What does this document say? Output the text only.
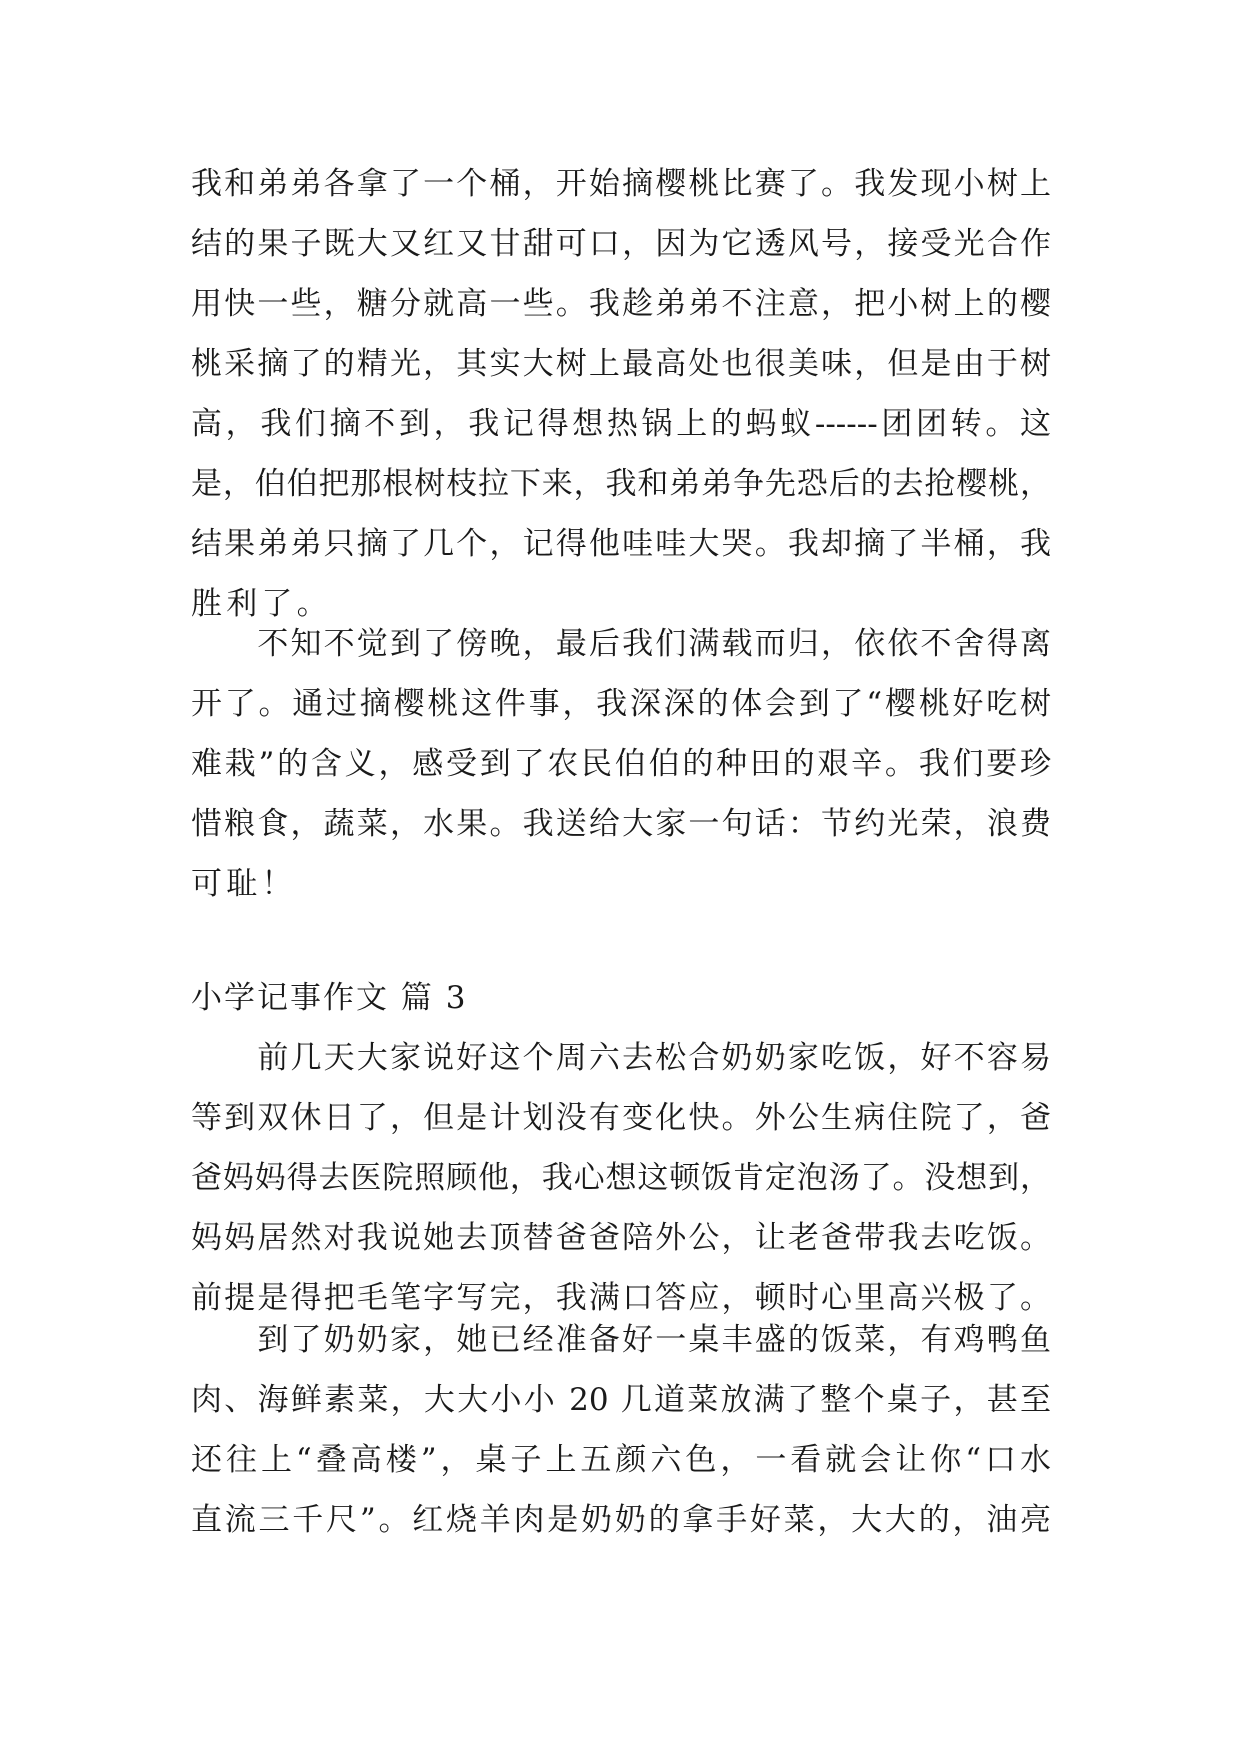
我和弟弟各拿了一个桶，开始摘樱桃比赛了。我发现小树上
结的果子既大又红又甘甜可口，因为它透风号，接受光合作
用快一些，糖分就高一些。我趁弟弟不注意，把小树上的樱
桃采摘了的精光，其实大树上最高处也很美味，但是由于树
高，我们摘不到，我记得想热锅上的蚂蚁------团团转。这
是，伯伯把那根树枝拉下来，我和弟弟争先恐后的去抢樱桃，
结果弟弟只摘了几个，记得他哇哇大哭。我却摘了半桶，我
胜利了。
　　不知不觉到了傍晚，最后我们满载而归，依依不舍得离
开了。通过摘樱桃这件事，我深深的体会到了“樱桃好吃树
难栽”的含义，感受到了农民伯伯的种田的艰辛。我们要珍
惜粮食，蔬菜，水果。我送给大家一句话：节约光荣，浪费
可耻！
小学记事作文 篇 3
　　前几天大家说好这个周六去松合奶奶家吃饭，好不容易
等到双休日了，但是计划没有变化快。外公生病住院了，爸
爸妈妈得去医院照顾他，我心想这顿饭肯定泡汤了。没想到，
妈妈居然对我说她去顶替爸爸陪外公，让老爸带我去吃饭。
前提是得把毛笔字写完，我满口答应，顿时心里高兴极了。
　　到了奶奶家，她已经准备好一桌丰盛的饭菜，有鸡鸭鱼
肉、海鲜素菜，大大小小 20 几道菜放满了整个桌子，甚至
还往上“叠高楼”，桌子上五颜六色，一看就会让你“口水
直流三千尺”。红烧羊肉是奶奶的拿手好菜，大大的，油亮
